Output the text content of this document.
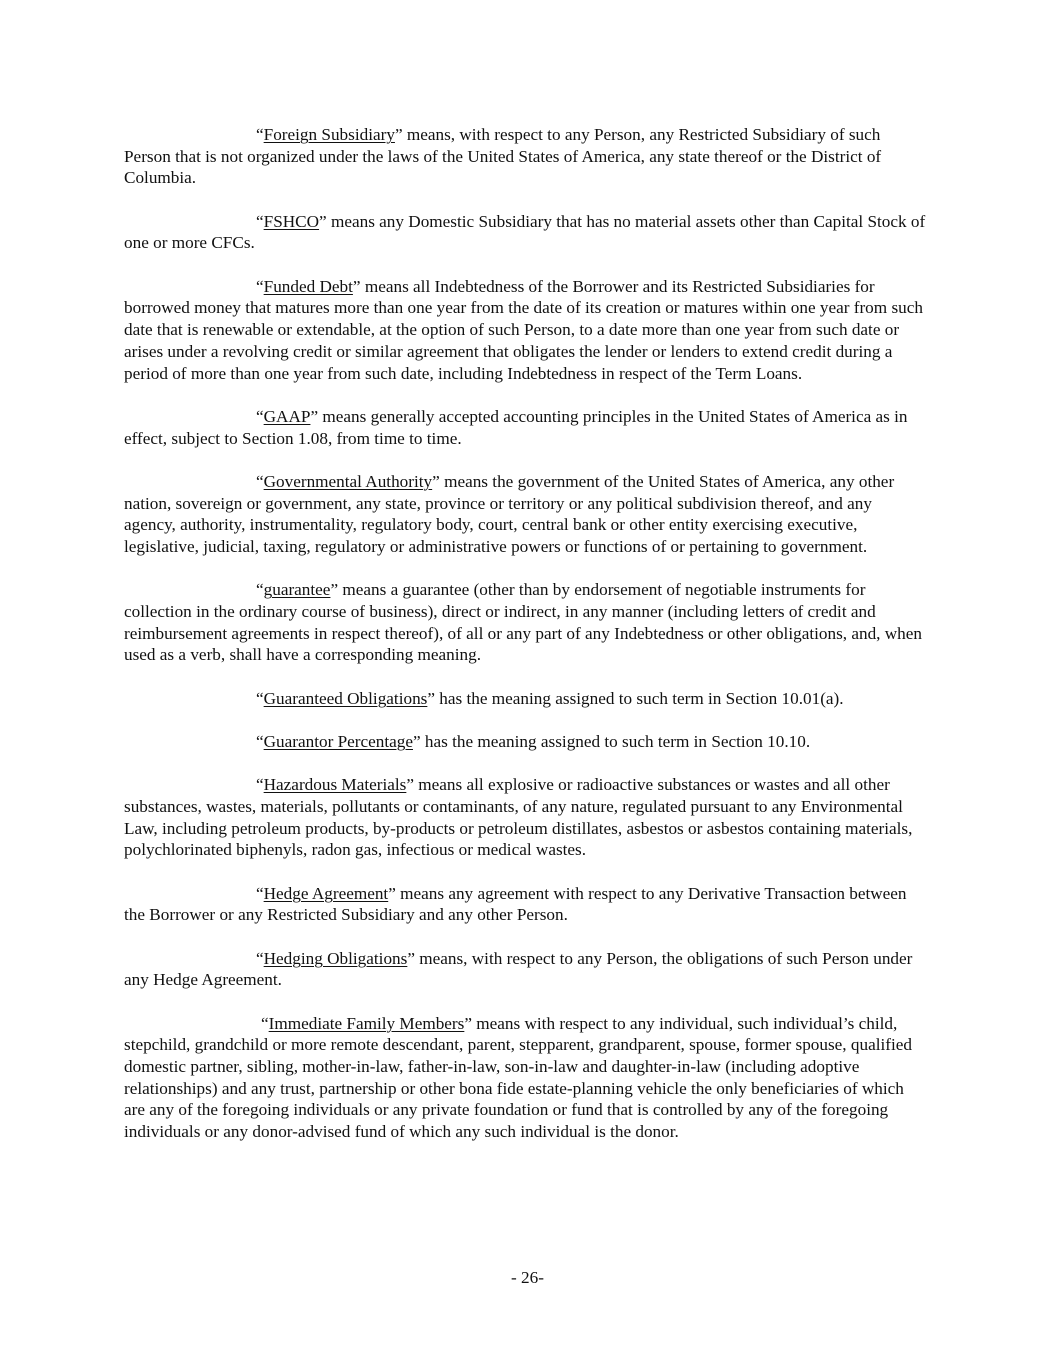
“Foreign Subsidiary” means, with respect to any Person, any Restricted Subsidiary of such Person that is not organized under the laws of the United States of America, any state thereof or the District of Columbia.

“FSHCO” means any Domestic Subsidiary that has no material assets other than Capital Stock of one or more CFCs.

“Funded Debt” means all Indebtedness of the Borrower and its Restricted Subsidiaries for borrowed money that matures more than one year from the date of its creation or matures within one year from such date that is renewable or extendable, at the option of such Person, to a date more than one year from such date or arises under a revolving credit or similar agreement that obligates the lender or lenders to extend credit during a period of more than one year from such date, including Indebtedness in respect of the Term Loans.

“GAAP” means generally accepted accounting principles in the United States of America as in effect, subject to Section 1.08, from time to time.

“Governmental Authority” means the government of the United States of America, any other nation, sovereign or government, any state, province or territory or any political subdivision thereof, and any agency, authority, instrumentality, regulatory body, court, central bank or other entity exercising executive, legislative, judicial, taxing, regulatory or administrative powers or functions of or pertaining to government.

“guarantee” means a guarantee (other than by endorsement of negotiable instruments for collection in the ordinary course of business), direct or indirect, in any manner (including letters of credit and reimbursement agreements in respect thereof), of all or any part of any Indebtedness or other obligations, and, when used as a verb, shall have a corresponding meaning.

“Guaranteed Obligations” has the meaning assigned to such term in Section 10.01(a).

“Guarantor Percentage” has the meaning assigned to such term in Section 10.10.

“Hazardous Materials” means all explosive or radioactive substances or wastes and all other substances, wastes, materials, pollutants or contaminants, of any nature, regulated pursuant to any Environmental Law, including petroleum products, by-products or petroleum distillates, asbestos or asbestos containing materials, polychlorinated biphenyls, radon gas, infectious or medical wastes.

“Hedge Agreement” means any agreement with respect to any Derivative Transaction between the Borrower or any Restricted Subsidiary and any other Person.

“Hedging Obligations” means, with respect to any Person, the obligations of such Person under any Hedge Agreement.

“Immediate Family Members” means with respect to any individual, such individual’s child, stepchild, grandchild or more remote descendant, parent, stepparent, grandparent, spouse, former spouse, qualified domestic partner, sibling, mother-in-law, father-in-law, son-in-law and daughter-in-law (including adoptive relationships) and any trust, partnership or other bona fide estate-planning vehicle the only beneficiaries of which are any of the foregoing individuals or any private foundation or fund that is controlled by any of the foregoing individuals or any donor-advised fund of which any such individual is the donor.

- 26-
